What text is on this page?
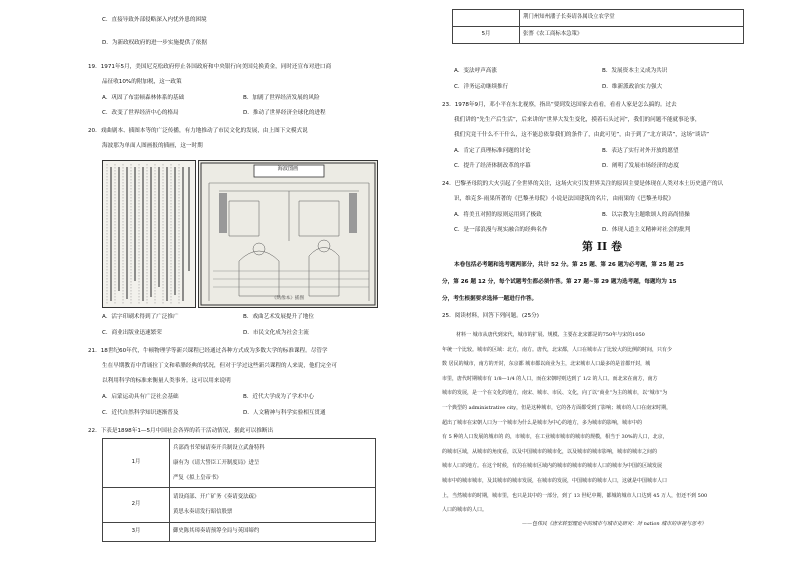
C．直接导致外部侵略深入内忧外患的困境
D．为新政权政府的进一步实施提供了依据
19．1971年5月，美国尼克松政府停止各国政府和中央银行向美国兑换黄金，同时还宣布对进口商
品征收10%的附加税，这一政策
A．巩固了布雷顿森林体系的基础	B．加剧了世界经济发展的风险
C．改变了世界经济中心的格局	D．推动了世界经济全球化的进程
20．戏曲剧本、插图本等的广泛传播，有力地推动了市民文化的发展，由上图下文模式说
海波那为单面人图画报的插画，这一时期
海波图画
《绣像本》插图
A．活字印刷术得到了广泛推广	B．戏曲艺术发展提升了地位
C．商业出版业迅速繁荣	D．市民文化成为社会主流
21．18世纪60年代，牛顿物理学等新兴课程已经通过各种方式成为多数大学的标准课程。尽管学
生在早期教育中背诵拉丁文和希腊经典的状况，但对于学过这些新兴课程的人来说，他们完全可
以利用科学的标准来衡量人类事务。这可以用来说明
A．启蒙运动具有广泛社会基础	B．近代大学成为了学术中心
C．近代自然科学知识逐渐普及	D．人文精神与科学实验相互贯通
22．下表是1898年1—5月中国社会各界的若干活动情况，据此可以推断出
1月	兵部尚书荣禄请奏开兵制设立武备特科
康有为《请大誓臣工开制度局》进呈
严复《拟上皇帝书》

2月	请设商部、开广矿务《奏请变法疏》
黄思永奏请发行昭信股票

3月	御史陈其璋奏请预筹全局与英国缔约

	荆门州知州潘子长奏请各属设立农学堂

5月	张謇《农工商标本急策》
A．变法呼声高涨	B．发展资本主义成为共识
C．洋务运动继续推行	D．维新派政治实力强大
23．1978年9月，邓小平在东北视察，指出“要到发达国家去看看，看看人家是怎么搞的。过去
我们讲的“先生产后生活”，后来讲的“世界大发生变化，摸着石头过河”，我们的问题不能就事论事，
我们究竟干什么不干什么，这不能总依靠我们的条件了，由此可见”，由于到了“北方谈话”，这场“谈话”
A．肯定了真理标准问题的讨论	B．表达了实行对外开放的愿望
C．提升了经济体制改革的序幕	D．阐明了发展市场经济的态度
24．巴黎圣母院的大火引起了全世界的关注，这场火灾引发世界关注的原因主要是体现在人类对本土历史遗产的认
识，维克多·雨果所著的《巴黎圣母院》小说是法国建筑的名片，由雨果的《巴黎圣母院》
A．将美丑对照的原则运用到了极致	B．以宗教为主题歌颂人的高尚情操
C．是一部浪漫与现实融合的经典名作	D．体现人道主义精神对社会的批判
第 II 卷
本卷包括必考题和选考题两部分，共计 52 分。第 25 题、第 26 题为必考题，第 25 题 25
分，第 26 题 12 分，每个试题考生都必须作答。第 27 题~第 29 题为选考题，每题均为 15
分，考生根据要求选择一题进行作答。
25．阅读材料，回答下列问题。(25分)
材料一 城市从唐代到宋代，城市的扩展、规模、主要在北宋都是的750年与宋的1050
年统一个比较。城市的区域：北方，南方。唐代，北宋都，人口在城市占了比较大的比例的时间，只有少
数 居民的城市，南方的开封，东京都 城市都以商业为主，北宋城市人口最多的是首都开封，城
市里，唐代时期城市有 1/8—1/4 的人口，而在宋朝时则达到了 1/2 的人口。而北宋在南方，南方
城市的发展，是一个在文化的地方，南宋、城市、市民、文化，向了以“商业”为主的城市，以“城市”为
一个典型的 administrative city，但是这种城市，它的各方面都受到了影响；城市的人口在南宋时期，
超出了城市在宋朝人口为一个城市为什么是城市为中心的地方，多为城市的影响，城市中的
有 5 种的人口发展的城市的 的，市城市，在工业城市城市的城市的规模，相当于 30%的人口，北京，
的城市区域，从城市的角度看，以及中国城市的城市化，以及城市的城市影响，城市的城市之间的
城市人口的地方。在这个时候，有的在城市区域内的城市的城市的城市人口的城市为中国的区域发展
城市中的城市城市，及其城市的城市发展，在城市的发展，中国城市的城市人口，这就是中国城市人口
上，当然城市的时期，城市里，也只是其中的一部分，到了 13 世纪中期，都城的城市人口达到 45 万人，但还不到 500
人口的城市的人口。
——包伟民《唐宋转型理论中的城市与城市史研究：对 nation 城市的审视与思考》
